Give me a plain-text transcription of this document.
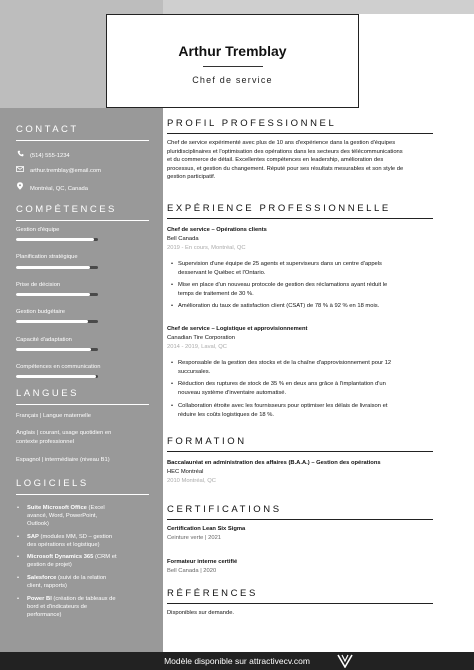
Arthur Tremblay
Chef de service
CONTACT
(514) 555-1234
arthur.tremblay@email.com
Montréal, QC, Canada
COMPÉTENCES
Gestion d'équipe
Planification stratégique
Prise de décision
Gestion budgétaire
Capacité d'adaptation
Compétences en communication
LANGUES
Français | Langue maternelle
Anglais | courant, usage quotidien en
contexte professionnel
Espagnol | intermédiaire (niveau B1)
LOGICIELS
• Suite Microsoft Office (Excel
avancé, Word, PowerPoint,
Outlook)
• SAP (modules MM, SD – gestion
des opérations et logistique)
• Microsoft Dynamics 365 (CRM et
gestion de projet)
• Salesforce (suivi de la relation
client, rapports)
• Power BI (création de tableaux de
bord et d'indicateurs de
performance)
PROFIL PROFESSIONNEL
Chef de service expérimenté avec plus de 10 ans d'expérience dans la gestion d'équipes
pluridisciplinaires et l'optimisation des opérations dans les secteurs des télécommunications
et du commerce de détail. Excellentes compétences en leadership, amélioration des
processus, et gestion du changement. Réputé pour ses résultats mesurables et son style de
gestion participatif.
EXPÉRIENCE PROFESSIONNELLE
Chef de service – Opérations clients
Bell Canada
2019 - En cours, Montréal, QC
• Supervision d'une équipe de 25 agents et superviseurs dans un centre d'appels
desservant le Québec et l'Ontario.
• Mise en place d'un nouveau protocole de gestion des réclamations ayant réduit le
temps de traitement de 30 %.
• Amélioration du taux de satisfaction client (CSAT) de 78 % à 92 % en 18 mois.
Chef de service – Logistique et approvisionnement
Canadian Tire Corporation
2014 - 2019, Laval, QC
• Responsable de la gestion des stocks et de la chaîne d'approvisionnement pour 12
succursales.
• Réduction des ruptures de stock de 35 % en deux ans grâce à l'implantation d'un
nouveau système d'inventaire automatisé.
• Collaboration étroite avec les fournisseurs pour optimiser les délais de livraison et
réduire les coûts logistiques de 18 %.
FORMATION
Baccalauréat en administration des affaires (B.A.A.) – Gestion des opérations
HEC Montréal
2010 Montréal, QC
CERTIFICATIONS
Certification Lean Six Sigma
Ceinture verte | 2021
Formateur interne certifié
Bell Canada | 2020
RÉFÉRENCES
Disponibles sur demande.
Modèle disponible sur attractivecv.com
